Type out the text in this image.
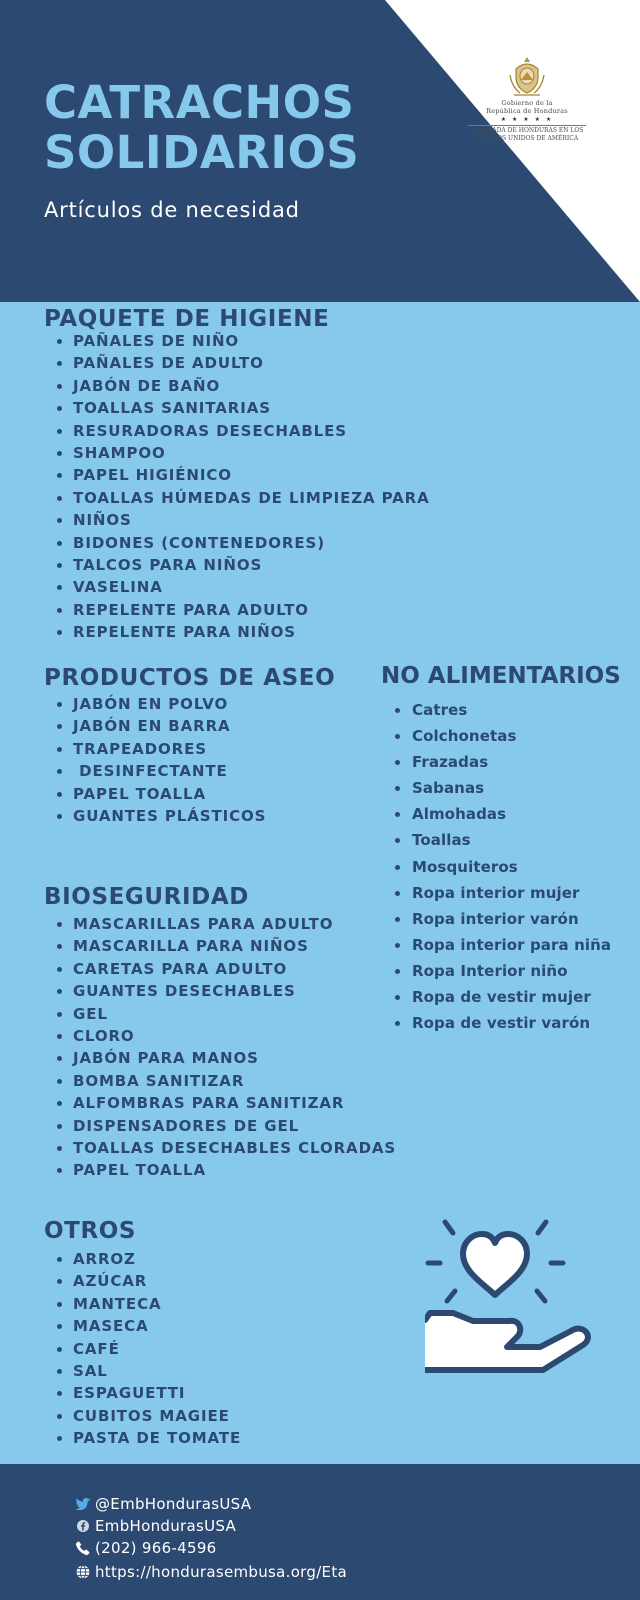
CATRACHOS
SOLIDARIOS

Artículos de necesidad

Gobierno de la
República de Honduras
★ ★ ★ ★ ★
EMBAJADA DE HONDURAS EN LOS
ESTADOS UNIDOS DE AMÉRICA
PAQUETE DE HIGIENE
PAÑALES DE NIÑO
PAÑALES DE ADULTO
JABÓN DE BAÑO
TOALLAS SANITARIAS
RESURADORAS DESECHABLES
SHAMPOO
PAPEL HIGIÉNICO
TOALLAS HÚMEDAS DE LIMPIEZA PARA
NIÑOS
BIDONES (CONTENEDORES)
TALCOS PARA NIÑOS
VASELINA
REPELENTE PARA ADULTO
REPELENTE PARA NIÑOS
PRODUCTOS DE ASEO
JABÓN EN POLVO
JABÓN EN BARRA
TRAPEADORES
DESINFECTANTE
PAPEL TOALLA
GUANTES PLÁSTICOS
NO ALIMENTARIOS
Catres
Colchonetas
Frazadas
Sabanas
Almohadas
Toallas
Mosquiteros
Ropa interior mujer
Ropa interior varón
Ropa interior para niña
Ropa Interior niño
Ropa de vestir mujer
Ropa de vestir varón
BIOSEGURIDAD
MASCARILLAS PARA ADULTO
MASCARILLA PARA NIÑOS
CARETAS PARA ADULTO
GUANTES DESECHABLES
GEL
CLORO
JABÓN PARA MANOS
BOMBA SANITIZAR
ALFOMBRAS PARA SANITIZAR
DISPENSADORES DE GEL
TOALLAS DESECHABLES CLORADAS
PAPEL TOALLA
OTROS
ARROZ
AZÚCAR
MANTECA
MASECA
CAFÉ
SAL
ESPAGUETTI
CUBITOS MAGIEE
PASTA DE TOMATE
@EmbHondurasUSA
EmbHondurasUSA
(202) 966-4596
https://hondurasembusa.org/Eta
